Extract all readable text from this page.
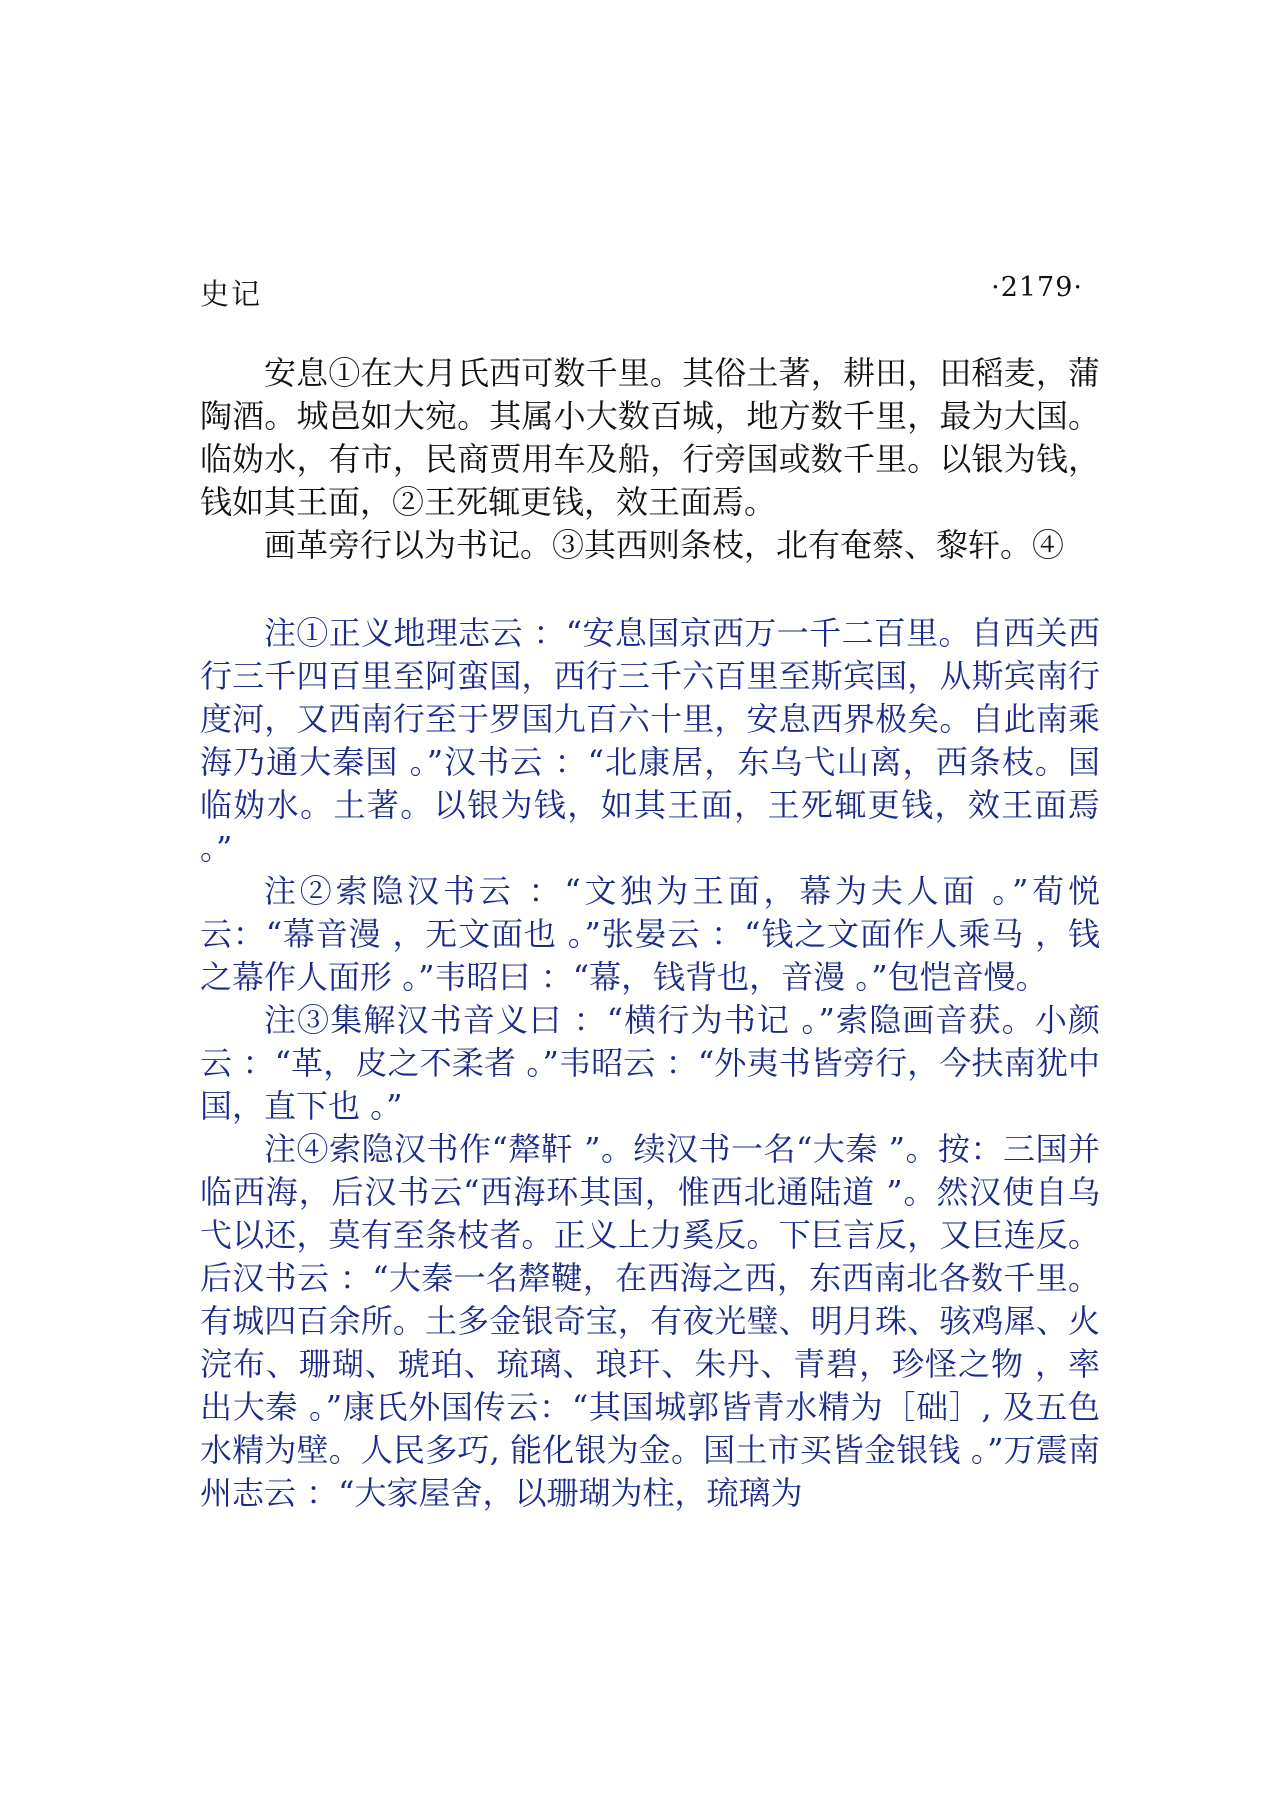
史记	·2179·

安息①在大月氏西可数千里。其俗土著，耕田，田稻麦，蒲陶酒。城邑如大宛。其属小大数百城，地方数千里，最为大国。临妫水，有市，民商贾用车及船，行旁国或数千里。以银为钱，钱如其王面，②王死辄更钱，效王面焉。

画革旁行以为书记。③其西则条枝，北有奄蔡、黎轩。④

注①正义地理志云 ：“安息国京西万一千二百里。自西关西行三千四百里至阿蛮国，西行三千六百里至斯宾国，从斯宾南行度河，又西南行至于罗国九百六十里，安息西界极矣。自此南乘海乃通大秦国 。”汉书云 ：“北康居，东乌弋山离，西条枝。国临妫水。土著。以银为钱，如其王面，王死辄更钱，效王面焉 。”

注②索隐汉书云 ：“文独为王面，幕为夫人面 。”荀悦云：“幕音漫 ，无文面也 。”张晏云 ：“钱之文面作人乘马 ，钱之幕作人面形 。”韦昭曰 ：“幕，钱背也，音漫 。”包恺音慢。

注③集解汉书音义曰 ：“横行为书记 。”索隐画音获。小颜云 ：“革，皮之不柔者 。”韦昭云 ：“外夷书皆旁行，今扶南犹中国，直下也 。”

注④索隐汉书作“犛靬 ”。续汉书一名“大秦 ”。按：三国并临西海，后汉书云“西海环其国，惟西北通陆道 ”。然汉使自乌弋以还，莫有至条枝者。正义上力奚反。下巨言反，又巨连反。后汉书云 ：“大秦一名犛鞬，在西海之西，东西南北各数千里。有城四百余所。土多金银奇宝，有夜光璧、明月珠、骇鸡犀、火浣布、珊瑚、琥珀、琉璃、琅玕、朱丹、青碧，珍怪之物 ，率出大秦 。”康氏外国传云：“其国城郭皆青水精为［础］, 及五色水精为壁。人民多巧, 能化银为金。国土市买皆金银钱 。”万震南州志云 ：“大家屋舍，以珊瑚为柱，琉璃为
